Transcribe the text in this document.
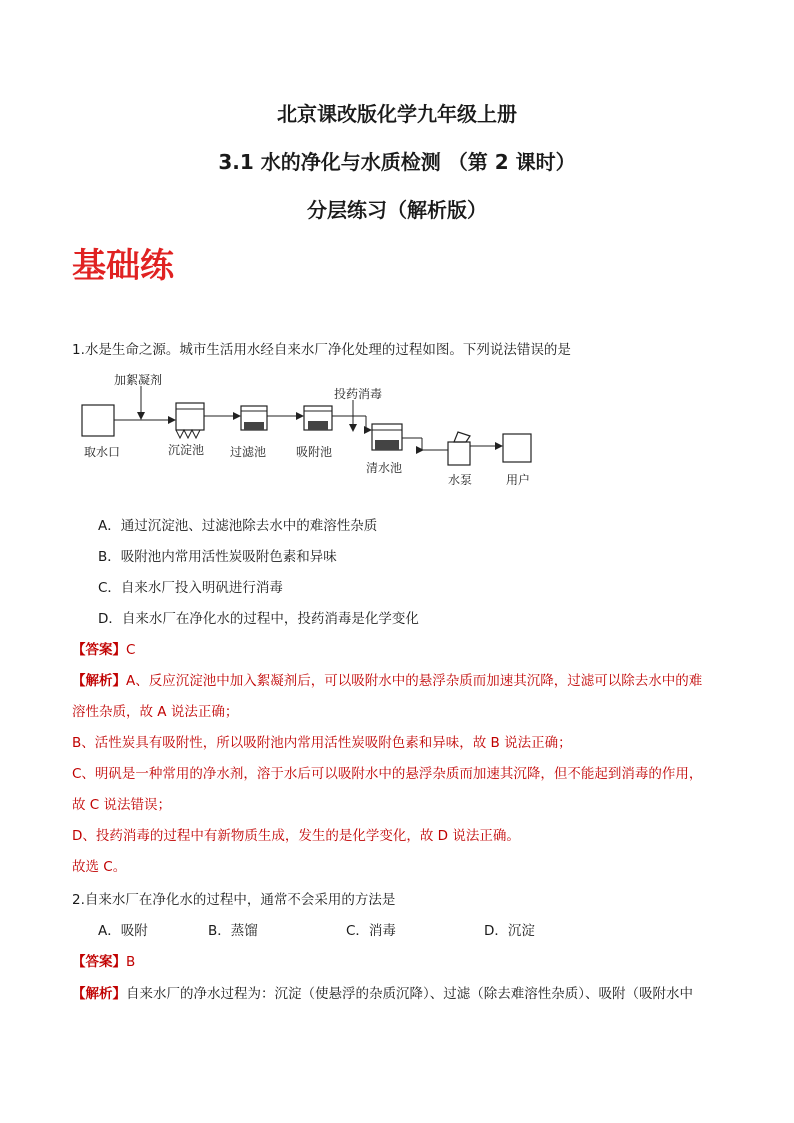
北京课改版化学九年级上册
3.1 水的净化与水质检测 （第 2 课时）
分层练习（解析版）
基础练
1.水是生命之源。城市生活用水经自来水厂净化处理的过程如图。下列说法错误的是
加絮凝剂
投药消毒
取水口	沉淀池 过滤池 吸附池
清水池
水泵	用户
A．通过沉淀池、过滤池除去水中的难溶性杂质
B．吸附池内常用活性炭吸附色素和异味
C．自来水厂投入明矾进行消毒
D．自来水厂在净化水的过程中，投药消毒是化学变化
【答案】C
【解析】A、反应沉淀池中加入絮凝剂后，可以吸附水中的悬浮杂质而加速其沉降，过滤可以除去水中的难
溶性杂质，故 A 说法正确；
B、活性炭具有吸附性，所以吸附池内常用活性炭吸附色素和异味，故 B 说法正确；
C、明矾是一种常用的净水剂，溶于水后可以吸附水中的悬浮杂质而加速其沉降，但不能起到消毒的作用，
故 C 说法错误；
D、投药消毒的过程中有新物质生成，发生的是化学变化，故 D 说法正确。
故选 C。
2.自来水厂在净化水的过程中，通常不会采用的方法是
A．吸附	B．蒸馏	C．消毒	D．沉淀
【答案】B
【解析】自来水厂的净水过程为：沉淀（使悬浮的杂质沉降）、过滤（除去难溶性杂质）、吸附（吸附水中
